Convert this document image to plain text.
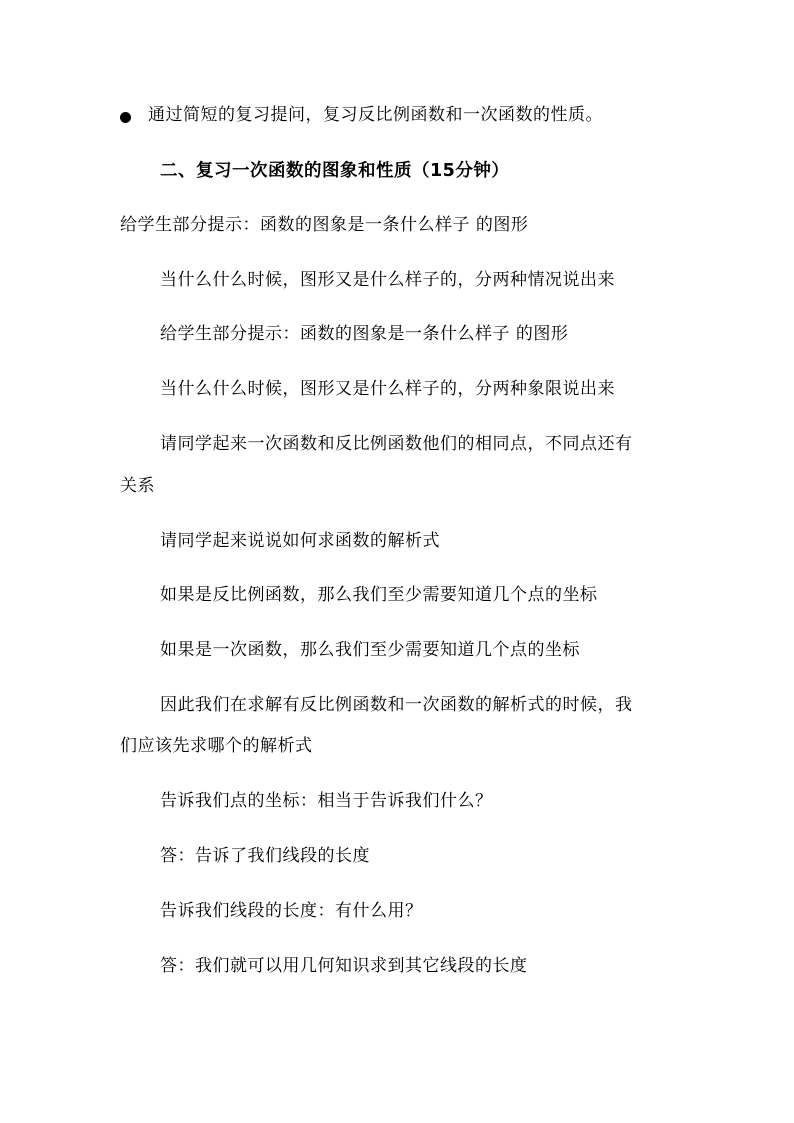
通过简短的复习提问，复习反比例函数和一次函数的性质。
二、复习一次函数的图象和性质（15分钟）
给学生部分提示：函数的图象是一条什么样子 的图形
当什么什么时候，图形又是什么样子的，分两种情况说出来
给学生部分提示：函数的图象是一条什么样子 的图形
当什么什么时候，图形又是什么样子的，分两种象限说出来
请同学起来一次函数和反比例函数他们的相同点，不同点还有
关系
请同学起来说说如何求函数的解析式
如果是反比例函数，那么我们至少需要知道几个点的坐标
如果是一次函数，那么我们至少需要知道几个点的坐标
因此我们在求解有反比例函数和一次函数的解析式的时候，我
们应该先求哪个的解析式
告诉我们点的坐标：相当于告诉我们什么？
答：告诉了我们线段的长度
告诉我们线段的长度：有什么用？
答：我们就可以用几何知识求到其它线段的长度
